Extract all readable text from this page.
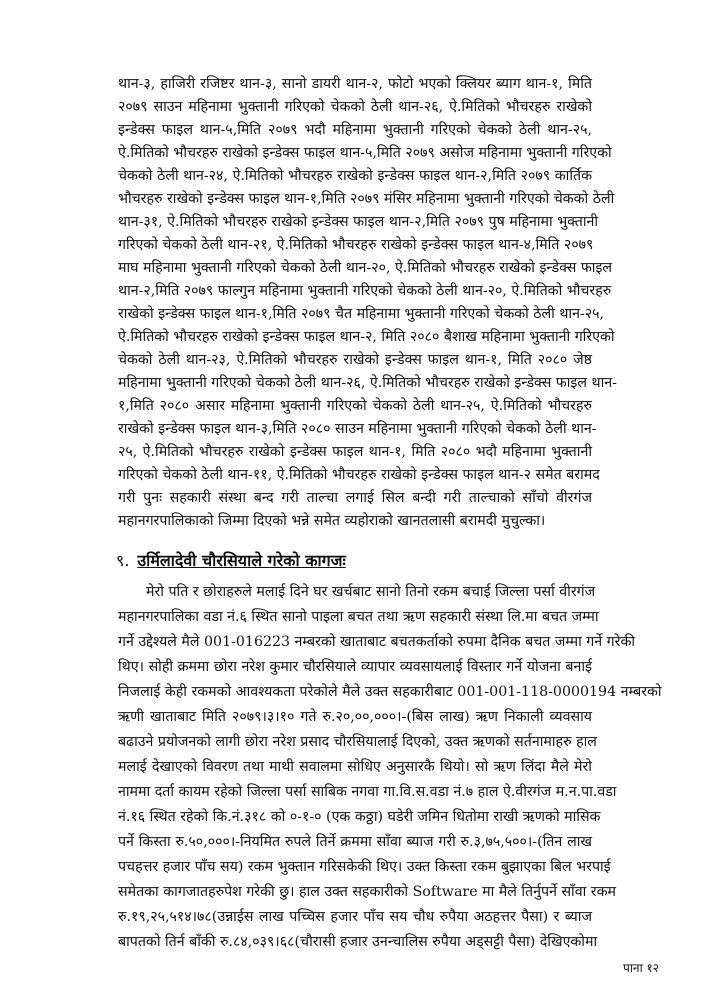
थान-३, हाजिरी रजिष्टर थान-३, सानो डायरी थान-२, फोटो भएको क्लियर ब्याग थान-१, मिति
२०७९ साउन महिनामा भुक्तानी गरिएको चेकको ठेली थान-२६, ऐ.मितिको भौचरहरु राखेको
इन्डेक्स फाइल थान-५,मिति २०७९ भदौ महिनामा भुक्तानी गरिएको चेकको ठेली थान-२५,
ऐ.मितिको भौचरहरु राखेको इन्डेक्स फाइल थान-५,मिति २०७९ असोज महिनामा भुक्तानी गरिएको
चेकको ठेली थान-२४, ऐ.मितिको भौचरहरु राखेको इन्डेक्स फाइल थान-२,मिति २०७९ कार्तिक
भौचरहरु राखेको इन्डेक्स फाइल थान-१,मिति २०७९ मंसिर महिनामा भुक्तानी गरिएको चेकको ठेली
थान-३१, ऐ.मितिको भौचरहरु राखेको इन्डेक्स फाइल थान-२,मिति २०७९ पुष महिनामा भुक्तानी
गरिएको चेकको ठेली थान-२१, ऐ.मितिको भौचरहरु राखेको इन्डेक्स फाइल थान-४,मिति २०७९
माघ महिनामा भुक्तानी गरिएको चेकको ठेली थान-२०, ऐ.मितिको भौचरहरु राखेको इन्डेक्स फाइल
थान-२,मिति २०७९ फाल्गुन महिनामा भुक्तानी गरिएको चेकको ठेली थान-२०, ऐ.मितिको भौचरहरु
राखेको इन्डेक्स फाइल थान-१,मिति २०७९ चैत महिनामा भुक्तानी गरिएको चेकको ठेली थान-२५,
ऐ.मितिको भौचरहरु राखेको इन्डेक्स फाइल थान-२, मिति २०८० बैशाख महिनामा भुक्तानी गरिएको
चेकको ठेली थान-२३, ऐ.मितिको भौचरहरु राखेको इन्डेक्स फाइल थान-१, मिति २०८० जेष्ठ
महिनामा भुक्तानी गरिएको चेकको ठेली थान-२६, ऐ.मितिको भौचरहरु राखेको इन्डेक्स फाइल थान-
१,मिति २०८० असार महिनामा भुक्तानी गरिएको चेकको ठेली थान-२५, ऐ.मितिको भौचरहरु
राखेको इन्डेक्स फाइल थान-३,मिति २०८० साउन महिनामा भुक्तानी गरिएको चेकको ठेली थान-
२५, ऐ.मितिको भौचरहरु राखेको इन्डेक्स फाइल थान-१, मिति २०८० भदौ महिनामा भुक्तानी
गरिएको चेकको ठेली थान-११, ऐ.मितिको भौचरहरु राखेको इन्डेक्स फाइल थान-२ समेत बरामद
गरी पुनः सहकारी संस्था बन्द गरी ताल्चा लगाई सिल बन्दी गरी ताल्चाको साँचो वीरगंज
महानगरपालिकाको जिम्मा दिएको भन्ने समेत व्यहोराको खानतलासी बरामदी मुचुल्का।
९. उर्मिलादेवी चौरसियाले गरेको कागजः
मेरो पति र छोराहरुले मलाई दिने घर खर्चबाट सानो तिनो रकम बचाई जिल्ला पर्सा वीरगंज
महानगरपालिका वडा नं.६ स्थित सानो पाइला बचत तथा ऋण सहकारी संस्था लि.मा बचत जम्मा
गर्ने उद्देश्यले मैले 001-016223 नम्बरको खाताबाट बचतकर्ताको रुपमा दैनिक बचत जम्मा गर्ने गरेकी
थिए। सोही क्रममा छोरा नरेश कुमार चौरसियाले व्यापार व्यवसायलाई विस्तार गर्ने योजना बनाई
निजलाई केही रकमको आवश्यकता परेकोले मैले उक्त सहकारीबाट 001-001-118-0000194 नम्बरको
ऋणी खाताबाट मिति २०७९।३।१० गते रु.२०,००,०००।-(बिस लाख) ऋण निकाली व्यवसाय
बढाउने प्रयोजनको लागी छोरा नरेश प्रसाद चौरसियालाई दिएको, उक्त ऋणको सर्तनामाहरु हाल
मलाई देखाएको विवरण तथा माथी सवालमा सोधिए अनुसारकै थियो। सो ऋण लिंदा मैले मेरो
नाममा दर्ता कायम रहेको जिल्ला पर्सा साबिक नगवा गा.वि.स.वडा नं.७ हाल ऐ.वीरगंज म.न.पा.वडा
नं.१६ स्थित रहेको कि.नं.३१८ को ०-१-० (एक कठ्ठा) घडेरी जमिन धितोमा राखी ऋणको मासिक
पर्ने किस्ता रु.५०,०००।-नियमित रुपले तिर्ने क्रममा साँवा ब्याज गरी रु.३,७५,५००।-(तिन लाख
पचहत्तर हजार पाँच सय) रकम भुक्तान गरिसकेकी थिए। उक्त किस्ता रकम बुझाएका बिल भरपाई
समेतका कागजातहरुपेश गरेकी छु। हाल उक्त सहकारीको Software मा मैले तिर्नुपर्ने साँवा रकम
रु.१९,२५,५१४।७८(उन्नाईस लाख पच्चिस हजार पाँच सय चौध रुपैया अठहत्तर पैसा) र ब्याज
बापतको तिर्न बाँकी रु.८४,०३९।६८(चौरासी हजार उनन्चालिस रुपैया अड्सट्टी पैसा) देखिएकोमा
पाना १२
